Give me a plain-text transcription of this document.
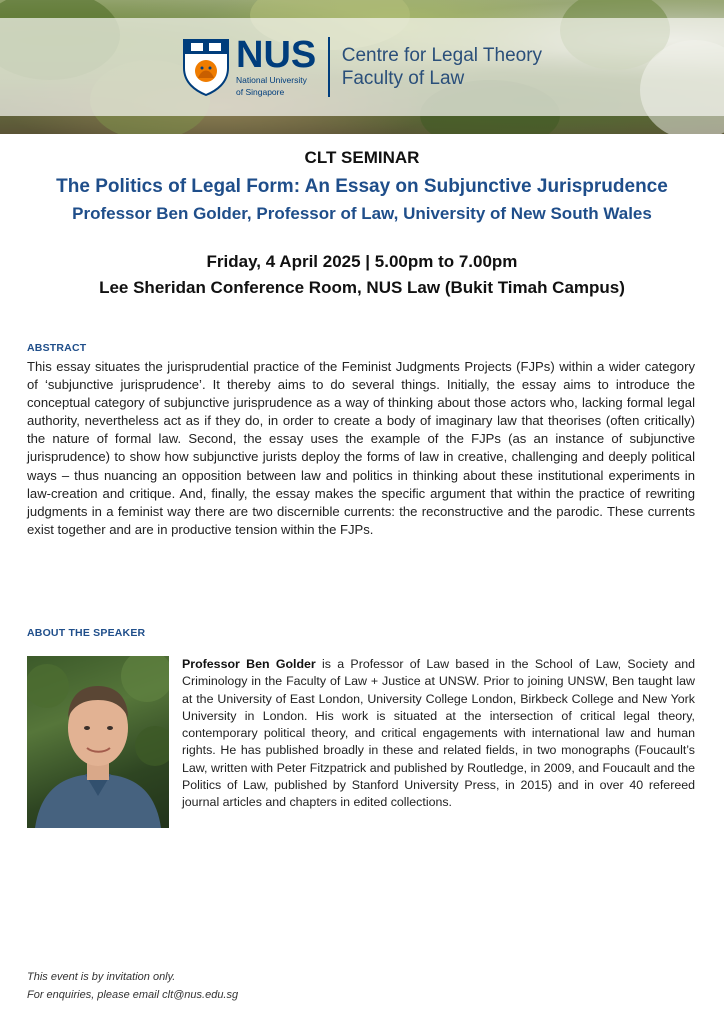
NUS
National University
of Singapore
Centre for Legal Theory
Faculty of Law
CLT SEMINAR
The Politics of Legal Form: An Essay on Subjunctive Jurisprudence
Professor Ben Golder, Professor of Law, University of New South Wales
Friday, 4 April 2025 | 5.00pm to 7.00pm
Lee Sheridan Conference Room, NUS Law (Bukit Timah Campus)
ABSTRACT
This essay situates the jurisprudential practice of the Feminist Judgments Projects (FJPs) within a wider category of ‘subjunctive jurisprudence’. It thereby aims to do several things. Initially, the essay aims to introduce the conceptual category of subjunctive jurisprudence as a way of thinking about those actors who, lacking formal legal authority, nevertheless act as if they do, in order to create a body of imaginary law that theorises (often critically) the nature of formal law. Second, the essay uses the example of the FJPs (as an instance of subjunctive jurisprudence) to show how subjunctive jurists deploy the forms of law in creative, challenging and deeply political ways – thus nuancing an opposition between law and politics in thinking about these institutional experiments in law-creation and critique. And, finally, the essay makes the specific argument that within the practice of rewriting judgments in a feminist way there are two discernible currents: the reconstructive and the parodic. These currents exist together and are in productive tension within the FJPs.
ABOUT THE SPEAKER
Professor Ben Golder is a Professor of Law based in the School of Law, Society and Criminology in the Faculty of Law + Justice at UNSW. Prior to joining UNSW, Ben taught law at the University of East London, University College London, Birkbeck College and New York University in London. His work is situated at the intersection of critical legal theory, contemporary political theory, and critical engagements with international law and human rights. He has published broadly in these and related fields, in two monographs (Foucault’s Law, written with Peter Fitzpatrick and published by Routledge, in 2009, and Foucault and the Politics of Law, published by Stanford University Press, in 2015) and in over 40 refereed journal articles and chapters in edited collections.
This event is by invitation only.
For enquiries, please email clt@nus.edu.sg
